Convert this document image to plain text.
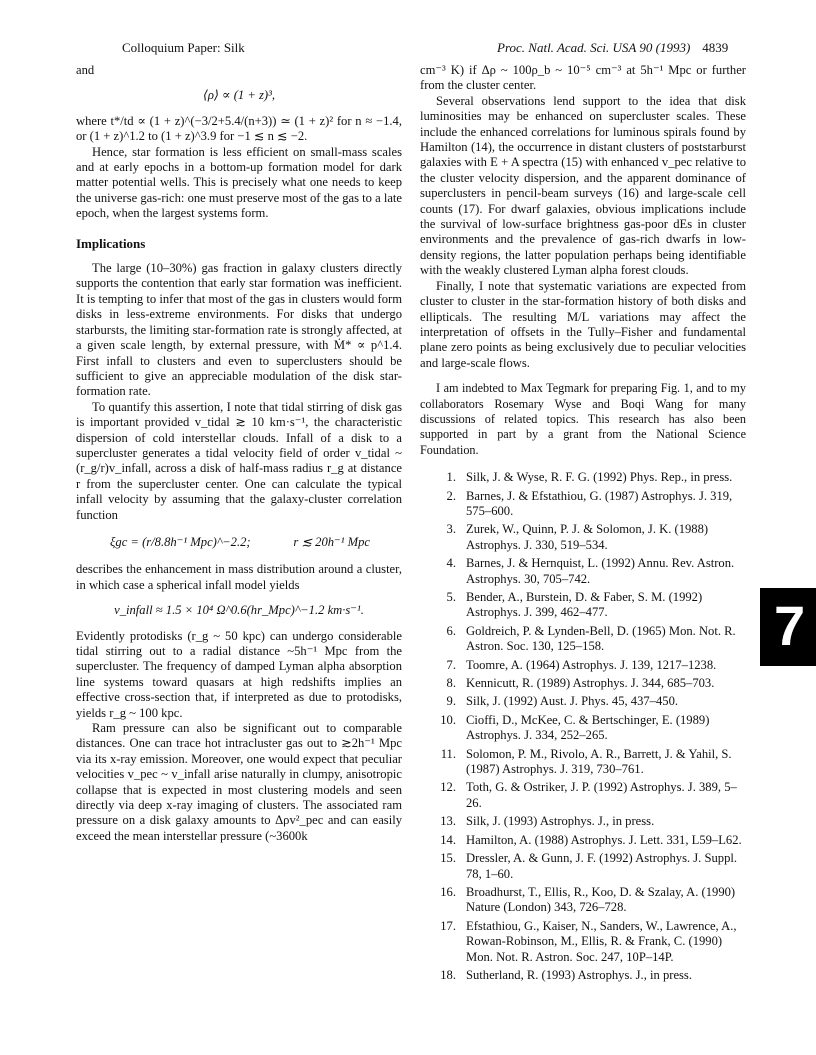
Colloquium Paper: Silk	Proc. Natl. Acad. Sci. USA 90 (1993) 4839

and

⟨ρ⟩ ∝ (1 + z)³,

where t*/td ∝ (1 + z)^(−3/2+5.4/(n+3)) ≃ (1 + z)² for n ≈ −1.4, or (1 + z)^1.2 to (1 + z)^3.9 for −1 ≲ n ≲ −2.

Hence, star formation is less efficient on small-mass scales and at early epochs in a bottom-up formation model for dark matter potential wells. This is precisely what one needs to keep the universe gas-rich: one must preserve most of the gas to a late epoch, when the largest systems form.

Implications

The large (10–30%) gas fraction in galaxy clusters directly supports the contention that early star formation was inefficient. It is tempting to infer that most of the gas in clusters would form disks in less-extreme environments. For disks that undergo starbursts, the limiting star-formation rate is strongly affected, at a given scale length, by external pressure, with Ṁ* ∝ p^1.4. First infall to clusters and even to superclusters should be sufficient to give an appreciable modulation of the disk star-formation rate.

To quantify this assertion, I note that tidal stirring of disk gas is important provided v_tidal ≳ 10 km·s⁻¹, the characteristic dispersion of cold interstellar clouds. Infall of a disk to a supercluster generates a tidal velocity field of order v_tidal ~ (r_g/r)v_infall, across a disk of half-mass radius r_g at distance r from the supercluster center. One can calculate the typical infall velocity by assuming that the galaxy-cluster correlation function

ξgc = (r/8.8h⁻¹ Mpc)^−2.2;	r ≲ 20h⁻¹ Mpc

describes the enhancement in mass distribution around a cluster, in which case a spherical infall model yields

v_infall ≈ 1.5 × 10⁴ Ω^0.6(hr_Mpc)^−1.2 km·s⁻¹.

Evidently protodisks (r_g ~ 50 kpc) can undergo considerable tidal stirring out to a radial distance ~5h⁻¹ Mpc from the supercluster. The frequency of damped Lyman alpha absorption line systems toward quasars at high redshifts implies an effective cross-section that, if interpreted as due to protodisks, yields r_g ~ 100 kpc.

Ram pressure can also be significant out to comparable distances. One can trace hot intracluster gas out to ≳2h⁻¹ Mpc via its x-ray emission. Moreover, one would expect that peculiar velocities v_pec ~ v_infall arise naturally in clumpy, anisotropic collapse that is expected in most clustering models and seen directly via deep x-ray imaging of clusters. The associated ram pressure on a disk galaxy amounts to Δρv²_pec and can easily exceed the mean interstellar pressure (~3600k

cm⁻³ K) if Δρ ~ 100ρ_b ~ 10⁻⁵ cm⁻³ at 5h⁻¹ Mpc or further from the cluster center.

Several observations lend support to the idea that disk luminosities may be enhanced on supercluster scales. These include the enhanced correlations for luminous spirals found by Hamilton (14), the occurrence in distant clusters of poststarburst galaxies with E + A spectra (15) with enhanced v_pec relative to the cluster velocity dispersion, and the apparent dominance of superclusters in pencil-beam surveys (16) and large-scale cell counts (17). For dwarf galaxies, obvious implications include the survival of low-surface brightness gas-poor dEs in cluster environments and the prevalence of gas-rich dwarfs in low-density regions, the latter population perhaps being identifiable with the weakly clustered Lyman alpha forest clouds.

Finally, I note that systematic variations are expected from cluster to cluster in the star-formation history of both disks and ellipticals. The resulting M/L variations may affect the interpretation of offsets in the Tully–Fisher and fundamental plane zero points as being exclusively due to peculiar velocities and large-scale flows.

I am indebted to Max Tegmark for preparing Fig. 1, and to my collaborators Rosemary Wyse and Boqi Wang for many discussions of related topics. This research has also been supported in part by a grant from the National Science Foundation.

1. Silk, J. & Wyse, R. F. G. (1992) Phys. Rep., in press.
2. Barnes, J. & Efstathiou, G. (1987) Astrophys. J. 319, 575–600.
3. Zurek, W., Quinn, P. J. & Solomon, J. K. (1988) Astrophys. J. 330, 519–534.
4. Barnes, J. & Hernquist, L. (1992) Annu. Rev. Astron. Astrophys. 30, 705–742.
5. Bender, A., Burstein, D. & Faber, S. M. (1992) Astrophys. J. 399, 462–477.
6. Goldreich, P. & Lynden-Bell, D. (1965) Mon. Not. R. Astron. Soc. 130, 125–158.
7. Toomre, A. (1964) Astrophys. J. 139, 1217–1238.
8. Kennicutt, R. (1989) Astrophys. J. 344, 685–703.
9. Silk, J. (1992) Aust. J. Phys. 45, 437–450.
10. Cioffi, D., McKee, C. & Bertschinger, E. (1989) Astrophys. J. 334, 252–265.
11. Solomon, P. M., Rivolo, A. R., Barrett, J. & Yahil, S. (1987) Astrophys. J. 319, 730–761.
12. Toth, G. & Ostriker, J. P. (1992) Astrophys. J. 389, 5–26.
13. Silk, J. (1993) Astrophys. J., in press.
14. Hamilton, A. (1988) Astrophys. J. Lett. 331, L59–L62.
15. Dressler, A. & Gunn, J. F. (1992) Astrophys. J. Suppl. 78, 1–60.
16. Broadhurst, T., Ellis, R., Koo, D. & Szalay, A. (1990) Nature (London) 343, 726–728.
17. Efstathiou, G., Kaiser, N., Sanders, W., Lawrence, A., Rowan-Robinson, M., Ellis, R. & Frank, C. (1990) Mon. Not. R. Astron. Soc. 247, 10P–14P.
18. Sutherland, R. (1993) Astrophys. J., in press.
7
